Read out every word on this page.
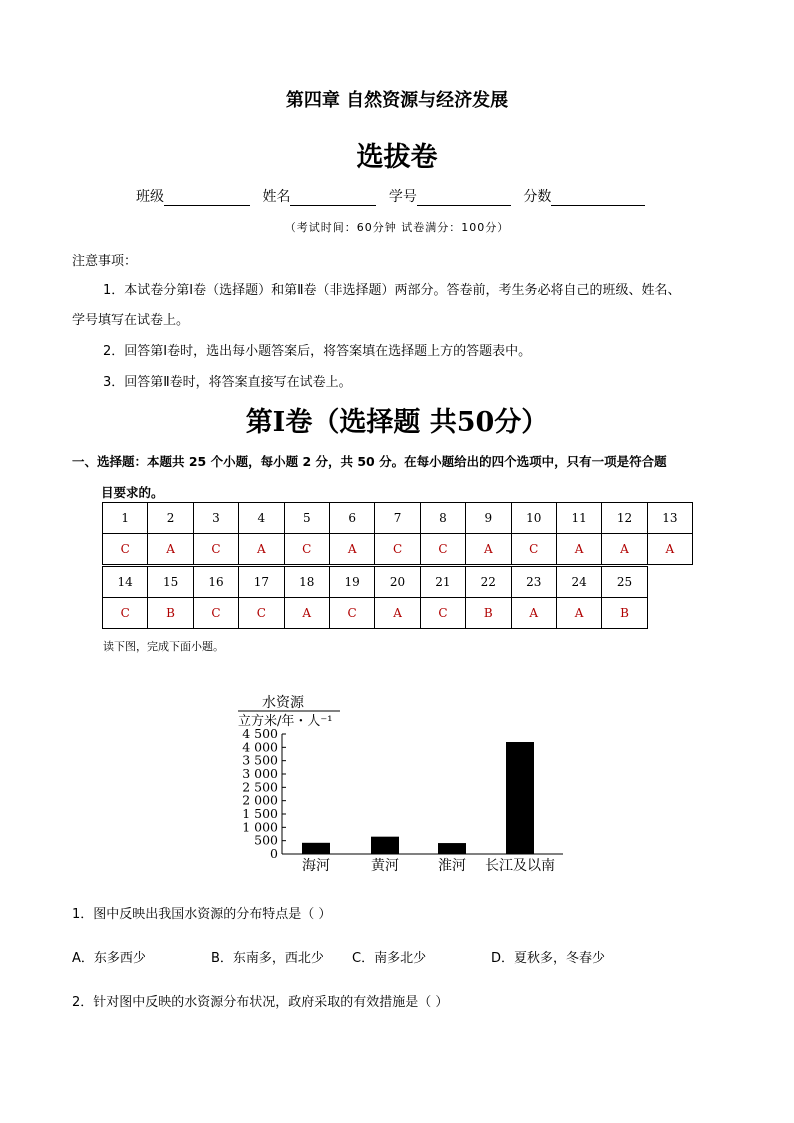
第四章 自然资源与经济发展
选拔卷
班级	姓名	学号	分数
（考试时间：60分钟 试卷满分：100分）
注意事项：
1．本试卷分第Ⅰ卷（选择题）和第Ⅱ卷（非选择题）两部分。答卷前，考生务必将自己的班级、姓名、
学号填写在试卷上。
2．回答第Ⅰ卷时，选出每小题答案后，将答案填在选择题上方的答题表中。
3．回答第Ⅱ卷时，将答案直接写在试卷上。
第Ⅰ卷（选择题 共50分）
一、选择题：本题共 25 个小题，每小题 2 分，共 50 分。在每小题给出的四个选项中，只有一项是符合题
目要求的。
1	2	3	4	5	6	7	8	9	10	11	12	13
C	A	C	A	C	A	C	C	A	C	A	A	A
14	15	16	17	18	19	20	21	22	23	24	25
C	B	C	C	A	C	A	C	B	A	A	B
读下图，完成下面小题。
水资源
立方米/年・人⁻¹
0
500
1 000
1 500
2 000
2 500
3 000
3 500
4 000
4 500
海河	黄河	淮河 长江及以南
1．图中反映出我国水资源的分布特点是（ ）
A．东多西少	B．东南多，西北少 C．南多北少	D．夏秋多，冬春少
2．针对图中反映的水资源分布状况，政府采取的有效措施是（ ）
